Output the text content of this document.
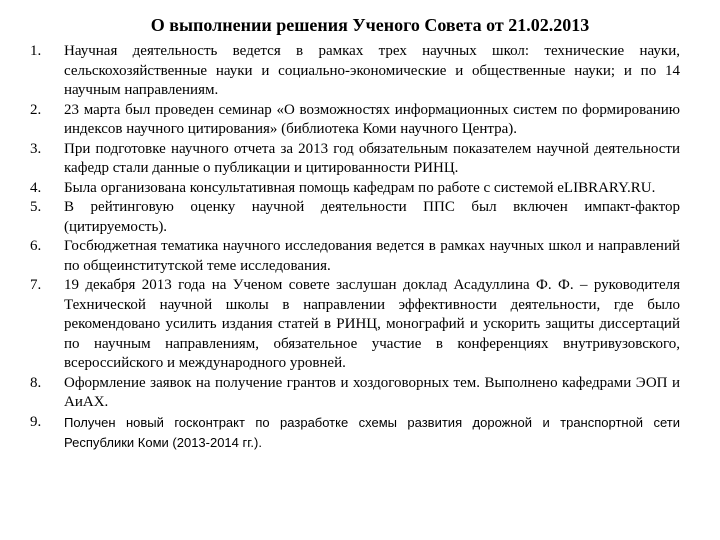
О выполнении решения Ученого Совета от 21.02.2013
1.	Научная деятельность ведется в рамках трех научных школ: технические науки, сельскохозяйственные науки и социально-экономические и общественные науки; и по 14 научным направлениям.
2.	23 марта был проведен семинар «О возможностях информационных систем по формированию индексов научного цитирования» (библиотека Коми научного Центра).
3.	При подготовке научного отчета за 2013 год обязательным показателем научной деятельности кафедр стали данные о публикации и цитированности РИНЦ.
4.	Была организована консультативная помощь кафедрам по работе с системой eLIBRARY.RU.
5.	В рейтинговую оценку научной деятельности ППС был включен импакт-фактор (цитируемость).
6.	Госбюджетная тематика научного исследования ведется в рамках научных школ и направлений по общеинститутской теме исследования.
7.	19 декабря 2013 года на Ученом совете заслушан доклад Асадуллина Ф. Ф. – руководителя Технической научной школы в направлении эффективности деятельности, где было рекомендовано усилить издания статей в РИНЦ, монографий и ускорить защиты диссертаций по научным направлениям, обязательное участие в конференциях внутривузовского, всероссийского и международного уровней.
8.	Оформление заявок на получение грантов и хоздоговорных тем. Выполнено кафедрами ЭОП и АиАХ.
9.	Получен новый госконтракт по разработке схемы развития дорожной и транспортной сети Республики Коми (2013-2014 гг.).
